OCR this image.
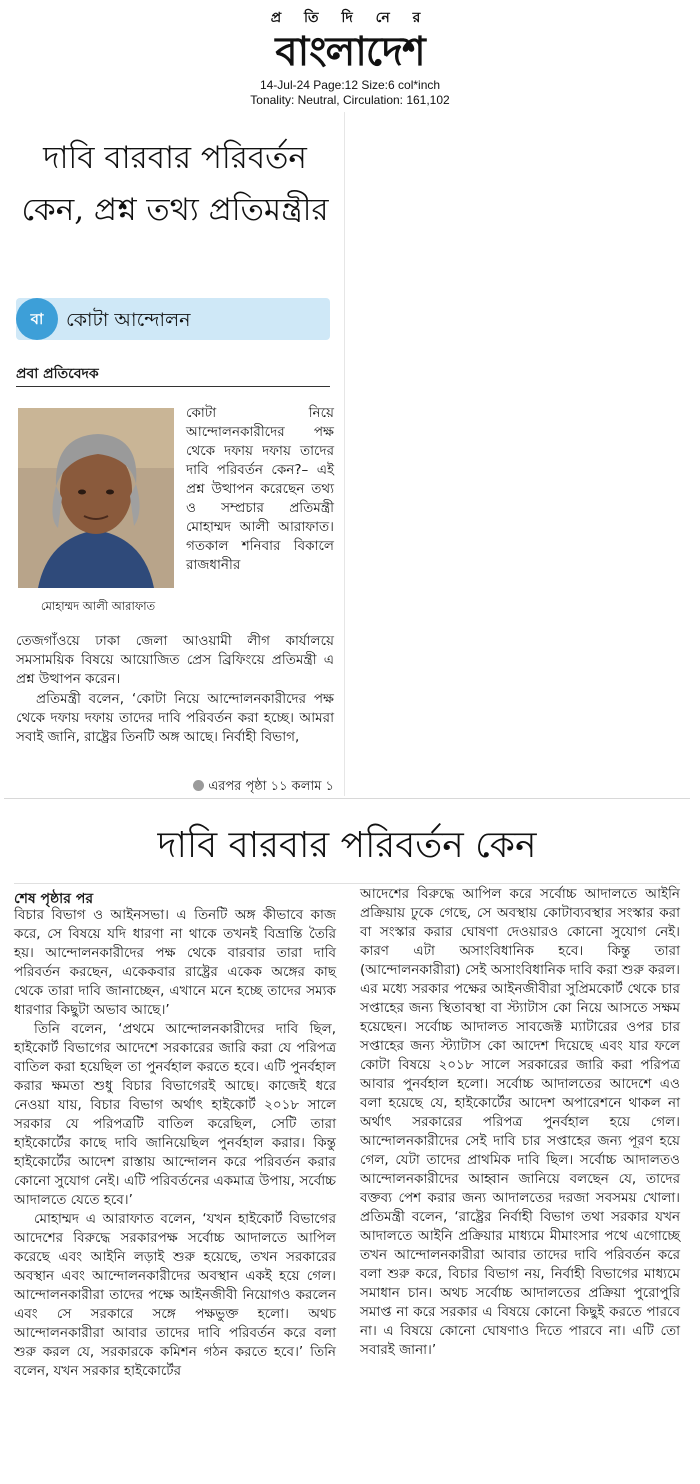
প্র তি দি নে র
বাংলাদেশ
14-Jul-24 Page:12 Size:6 col*inch
Tonality: Neutral, Circulation: 161,102
দাবি বারবার পরিবর্তন কেন, প্রশ্ন তথ্য প্রতিমন্ত্রীর
বা	কোটা আন্দোলন
প্রবা প্রতিবেদক
মোহাম্মদ আলী আরাফাত
কোটা নিয়ে আন্দোলনকারীদের পক্ষ থেকে দফায় দফায় তাদের দাবি পরিবর্তন কেন?– এই প্রশ্ন উত্থাপন করেছেন তথ্য ও সম্প্রচার প্রতিমন্ত্রী মোহাম্মদ আলী আরাফাত। গতকাল শনিবার বিকালে রাজধানীর
তেজগাঁওয়ে ঢাকা জেলা আওয়ামী লীগ কার্যালয়ে সমসাময়িক বিষয়ে আয়োজিত প্রেস ব্রিফিংয়ে প্রতিমন্ত্রী এ প্রশ্ন উত্থাপন করেন।
প্রতিমন্ত্রী বলেন, ‘কোটা নিয়ে আন্দোলনকারীদের পক্ষ থেকে দফায় দফায় তাদের দাবি পরিবর্তন করা হচ্ছে। আমরা সবাই জানি, রাষ্ট্রের তিনটি অঙ্গ আছে। নির্বাহী বিভাগ,
এরপর পৃষ্ঠা ১১ কলাম ১
দাবি বারবার পরিবর্তন কেন
শেষ পৃষ্ঠার পর

বিচার বিভাগ ও আইনসভা। এ তিনটি অঙ্গ কীভাবে কাজ করে, সে বিষয়ে যদি ধারণা না থাকে তখনই বিভ্রান্তি তৈরি হয়। আন্দোলনকারীদের পক্ষ থেকে বারবার তারা দাবি পরিবর্তন করছেন, একেকবার রাষ্ট্রের একেক অঙ্গের কাছ থেকে তারা দাবি জানাচ্ছেন, এখানে মনে হচ্ছে তাদের সম্যক ধারণার কিছুটা অভাব আছে।’

তিনি বলেন, ‘প্রথমে আন্দোলনকারীদের দাবি ছিল, হাইকোর্ট বিভাগের আদেশে সরকারের জারি করা যে পরিপত্র বাতিল করা হয়েছিল তা পুনর্বহাল করতে হবে। এটি পুনর্বহাল করার ক্ষমতা শুধু বিচার বিভাগেরই আছে। কাজেই ধরে নেওয়া যায়, বিচার বিভাগ অর্থাৎ হাইকোর্ট ২০১৮ সালে সরকার যে পরিপত্রটি বাতিল করেছিল, সেটি তারা হাইকোর্টের কাছে দাবি জানিয়েছিল পুনর্বহাল করার। কিন্তু হাইকোর্টের আদেশ রাস্তায় আন্দোলন করে পরিবর্তন করার কোনো সুযোগ নেই। এটি পরিবর্তনের একমাত্র উপায়, সর্বোচ্চ আদালতে যেতে হবে।’

মোহাম্মদ এ আরাফাত বলেন, ‘যখন হাইকোর্ট বিভাগের আদেশের বিরুদ্ধে সরকারপক্ষ সর্বোচ্চ আদালতে আপিল করেছে এবং আইনি লড়াই শুরু হয়েছে, তখন সরকারের অবস্থান এবং আন্দোলনকারীদের অবস্থান একই হয়ে গেল। আন্দোলনকারীরা তাদের পক্ষে আইনজীবী নিয়োগও করলেন এবং সে সরকারে সঙ্গে পক্ষভুক্ত হলো। অথচ আন্দোলনকারীরা আবার তাদের দাবি পরিবর্তন করে বলা শুরু করল যে, সরকারকে কমিশন গঠন করতে হবে।’ তিনি বলেন, যখন সরকার হাইকোর্টের

আদেশের বিরুদ্ধে আপিল করে সর্বোচ্চ আদালতে আইনি প্রক্রিয়ায় ঢুকে গেছে, সে অবস্থায় কোটাব্যবস্থার সংস্কার করা বা সংস্কার করার ঘোষণা দেওয়ারও কোনো সুযোগ নেই। কারণ এটা অসাংবিধানিক হবে। কিন্তু তারা (আন্দোলনকারীরা) সেই অসাংবিধানিক দাবি করা শুরু করল। এর মধ্যে সরকার পক্ষের আইনজীবীরা সুপ্রিমকোর্ট থেকে চার সপ্তাহের জন্য স্থিতাবস্থা বা স্ট্যাটাস কো নিয়ে আসতে সক্ষম হয়েছেন। সর্বোচ্চ আদালত সাবজেক্ট ম্যাটারের ওপর চার সপ্তাহের জন্য স্ট্যাটাস কো আদেশ দিয়েছে এবং যার ফলে কোটা বিষয়ে ২০১৮ সালে সরকারের জারি করা পরিপত্র আবার পুনর্বহাল হলো। সর্বোচ্চ আদালতের আদেশে এও বলা হয়েছে যে, হাইকোর্টের আদেশ অপারেশনে থাকল না অর্থাৎ সরকারের পরিপত্র পুনর্বহাল হয়ে গেল। আন্দোলনকারীদের সেই দাবি চার সপ্তাহের জন্য পূরণ হয়ে গেল, যেটা তাদের প্রাথমিক দাবি ছিল। সর্বোচ্চ আদালতও আন্দোলনকারীদের আহ্বান জানিয়ে বলছেন যে, তাদের বক্তব্য পেশ করার জন্য আদালতের দরজা সবসময় খোলা। প্রতিমন্ত্রী বলেন, ‘রাষ্ট্রের নির্বাহী বিভাগ তথা সরকার যখন আদালতে আইনি প্রক্রিয়ার মাধ্যমে মীমাংসার পথে এগোচ্ছে তখন আন্দোলনকারীরা আবার তাদের দাবি পরিবর্তন করে বলা শুরু করে, বিচার বিভাগ নয়, নির্বাহী বিভাগের মাধ্যমে সমাধান চান। অথচ সর্বোচ্চ আদালতের প্রক্রিয়া পুরোপুরি সমাপ্ত না করে সরকার এ বিষয়ে কোনো কিছুই করতে পারবে না। এ বিষয়ে কোনো ঘোষণাও দিতে পারবে না। এটি তো সবারই জানা।’
